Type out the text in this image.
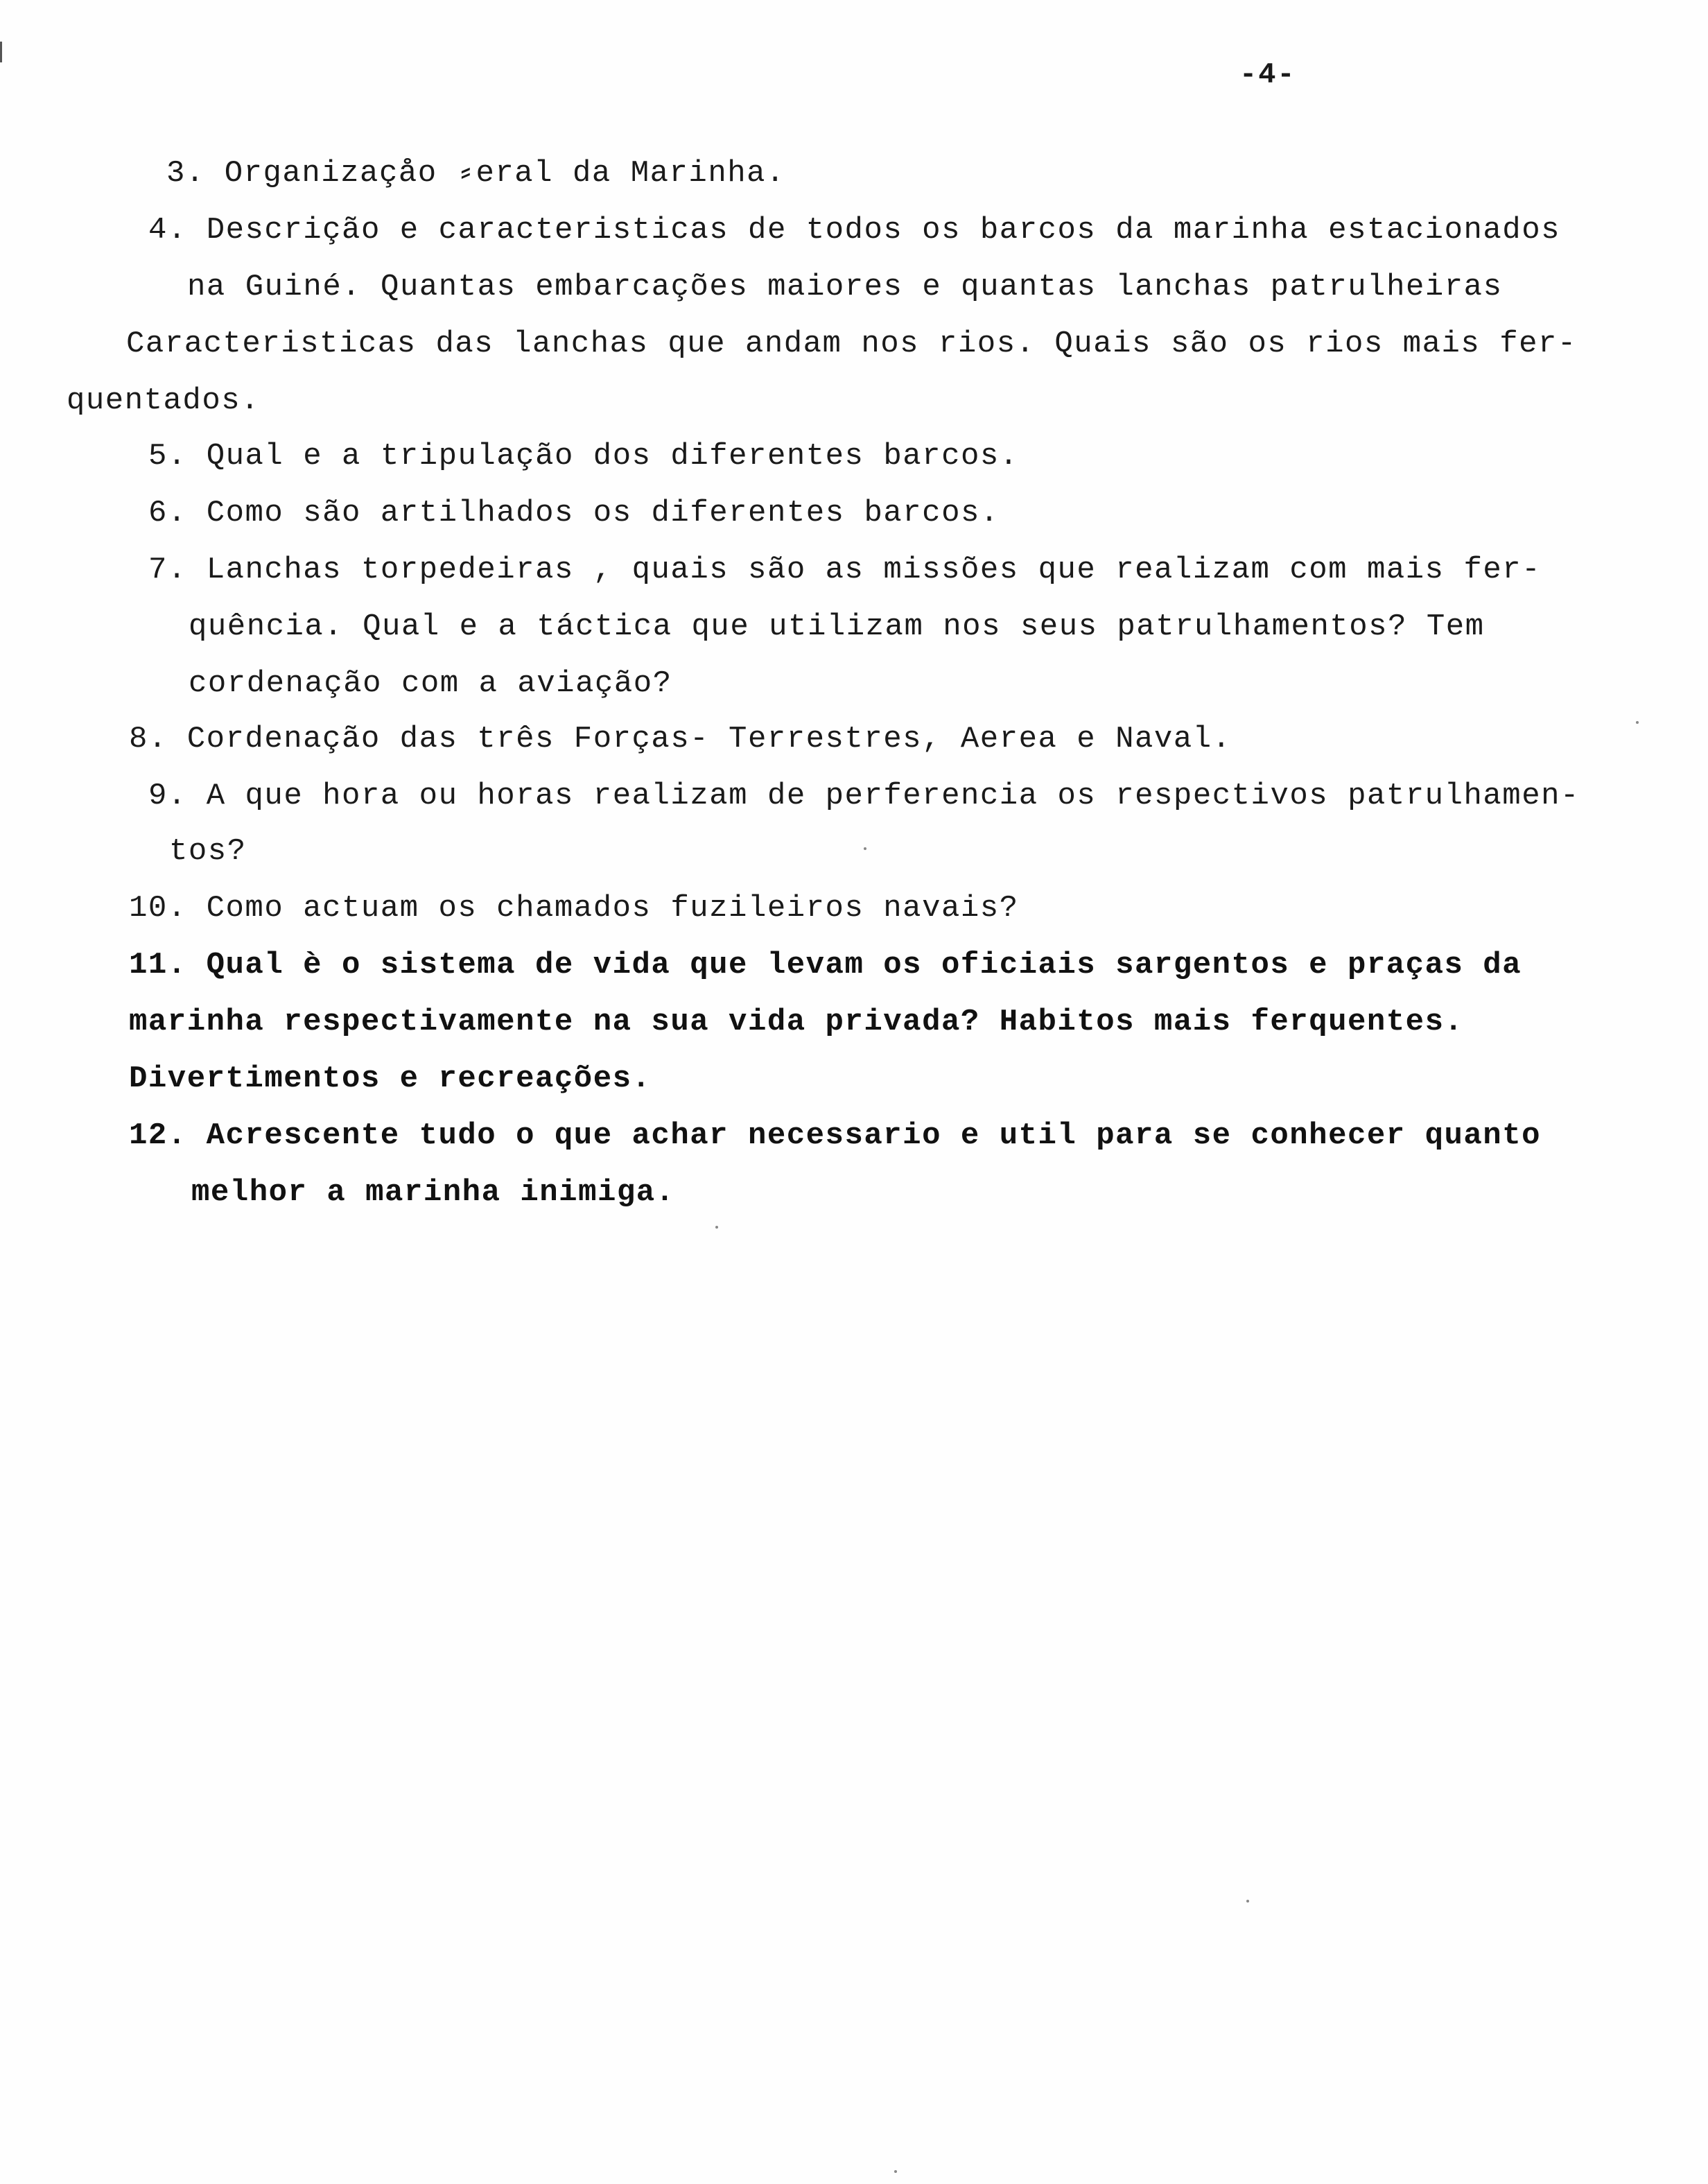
-4-
3. Organizaçåo ⸗eral da Marinha.
4. Descrição e caracteristicas de todos os barcos da marinha estacionados
na Guiné. Quantas embarcações maiores e quantas lanchas patrulheiras
Caracteristicas das lanchas que andam nos rios. Quais são os rios mais fer-
quentados.
5. Qual e a tripulação dos diferentes barcos.
6. Como são artilhados os diferentes barcos.
7. Lanchas torpedeiras , quais são as missões que realizam com mais fer-
quência. Qual e a táctica que utilizam nos seus patrulhamentos? Tem
cordenação com a aviação?
8. Cordenação das três Forças- Terrestres, Aerea e Naval.
9. A que hora ou horas realizam de perferencia os respectivos patrulhamen-
tos?
10. Como actuam os chamados fuzileiros navais?
11. Qual è o sistema de vida que levam os oficiais sargentos e praças da
marinha respectivamente na sua vida privada? Habitos mais ferquentes.
Divertimentos e recreações.
12. Acrescente tudo o que achar necessario e util para se conhecer quanto
melhor a marinha inimiga.
